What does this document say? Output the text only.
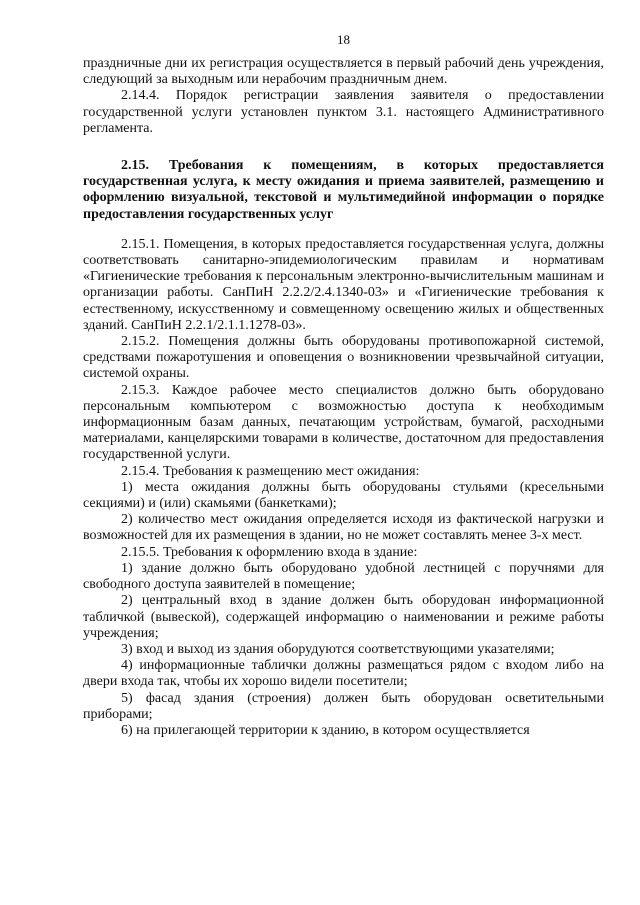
18

праздничные дни их регистрация осуществляется в первый рабочий день учреждения, следующий за выходным или нерабочим праздничным днем.

2.14.4. Порядок регистрации заявления заявителя о предоставлении государственной услуги установлен пунктом 3.1. настоящего Административного регламента.

2.15. Требования к помещениям, в которых предоставляется государственная услуга, к месту ожидания и приема заявителей, размещению и оформлению визуальной, текстовой и мультимедийной информации о порядке предоставления государственных услуг

2.15.1. Помещения, в которых предоставляется государственная услуга, должны соответствовать санитарно-эпидемиологическим правилам и нормативам «Гигиенические требования к персональным электронно-вычислительным машинам и организации работы. СанПиН 2.2.2/2.4.1340-03» и «Гигиенические требования к естественному, искусственному и совмещенному освещению жилых и общественных зданий. СанПиН 2.2.1/2.1.1.1278-03».

2.15.2. Помещения должны быть оборудованы противопожарной системой, средствами пожаротушения и оповещения о возникновении чрезвычайной ситуации, системой охраны.

2.15.3. Каждое рабочее место специалистов должно быть оборудовано персональным компьютером с возможностью доступа к необходимым информационным базам данных, печатающим устройствам, бумагой, расходными материалами, канцелярскими товарами в количестве, достаточном для предоставления государственной услуги.

2.15.4. Требования к размещению мест ожидания:

1) места ожидания должны быть оборудованы стульями (кресельными секциями) и (или) скамьями (банкетками);

2) количество мест ожидания определяется исходя из фактической нагрузки и возможностей для их размещения в здании, но не может составлять менее 3-х мест.

2.15.5. Требования к оформлению входа в здание:

1) здание должно быть оборудовано удобной лестницей с поручнями для свободного доступа заявителей в помещение;

2) центральный вход в здание должен быть оборудован информационной табличкой (вывеской), содержащей информацию о наименовании и режиме работы учреждения;

3) вход и выход из здания оборудуются соответствующими указателями;

4) информационные таблички должны размещаться рядом с входом либо на двери входа так, чтобы их хорошо видели посетители;

5) фасад здания (строения) должен быть оборудован осветительными приборами;

6) на прилегающей территории к зданию, в котором осуществляется
